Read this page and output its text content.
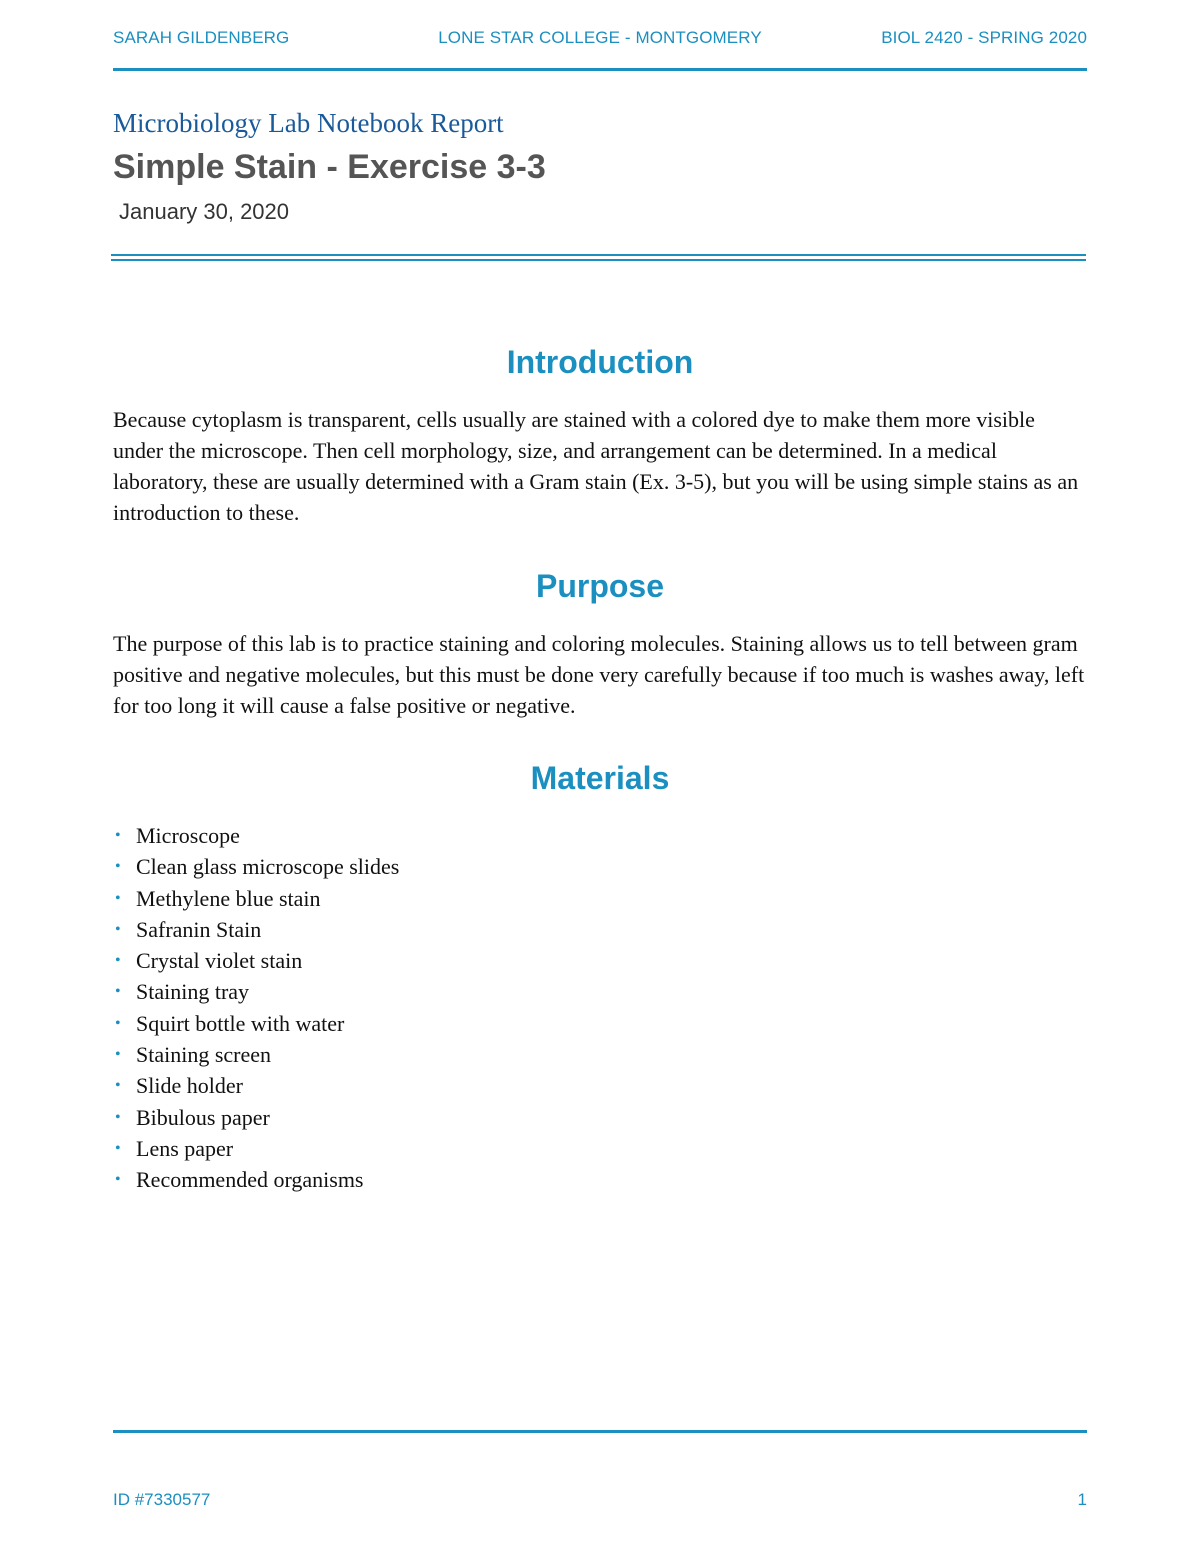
SARAH GILDENBERG	LONE STAR COLLEGE - MONTGOMERY	BIOL 2420 - SPRING 2020
Microbiology Lab Notebook Report
Simple Stain - Exercise 3-3
January 30, 2020
Introduction
Because cytoplasm is transparent, cells usually are stained with a colored dye to make them more visible under the microscope. Then cell morphology, size, and arrangement can be determined. In a medical laboratory, these are usually determined with a Gram stain (Ex. 3-5), but you will be using simple stains as an introduction to these.
Purpose
The purpose of this lab is to practice staining and coloring molecules. Staining allows us to tell between gram positive and negative molecules, but this must be done very carefully because if too much is washes away, left for too long it will cause a false positive or negative.
Materials
• Microscope
• Clean glass microscope slides
• Methylene blue stain
• Safranin Stain
• Crystal violet stain
• Staining tray
• Squirt bottle with water
• Staining screen
• Slide holder
• Bibulous paper
• Lens paper
• Recommended organisms
ID #7330577	1
